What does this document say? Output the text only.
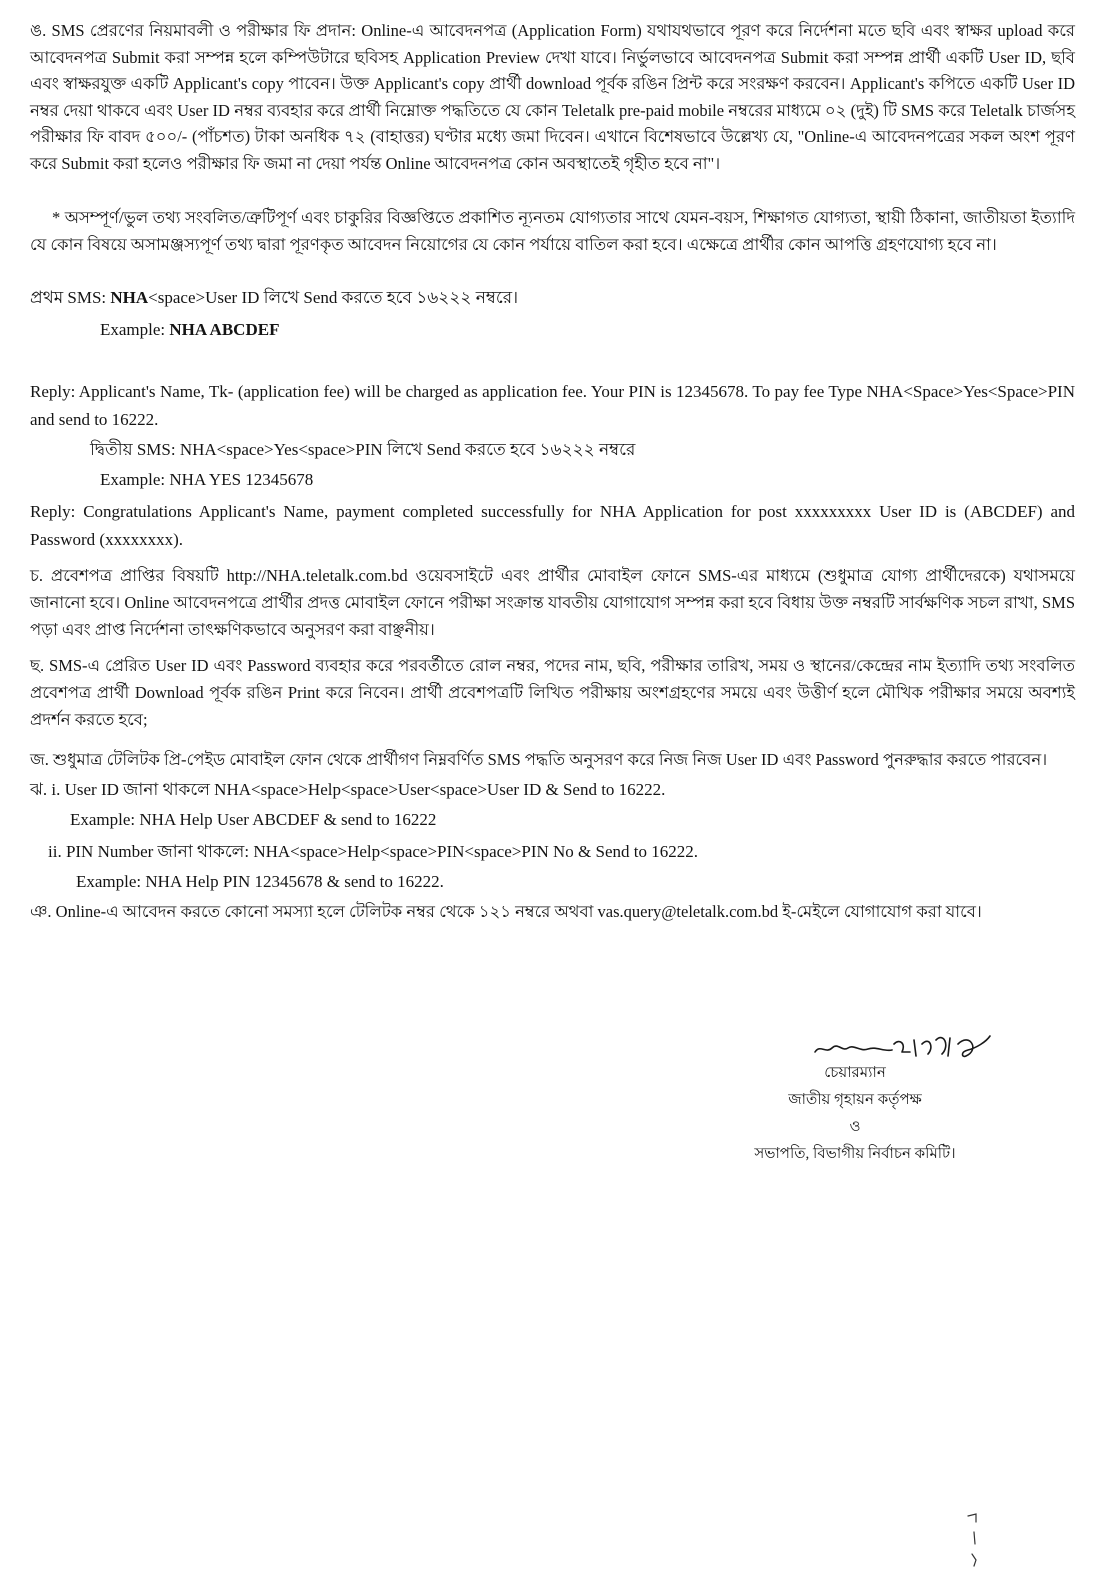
ঙ. SMS প্রেরণের নিয়মাবলী ও পরীক্ষার ফি প্রদান: Online-এ আবেদনপত্র (Application Form) যথাযথভাবে পূরণ করে নির্দেশনা মতে ছবি এবং স্বাক্ষর upload করে আবেদনপত্র Submit করা সম্পন্ন হলে কম্পিউটারে ছবিসহ Application Preview দেখা যাবে। নির্ভুলভাবে আবেদনপত্র Submit করা সম্পন্ন প্রার্থী একটি User ID, ছবি এবং স্বাক্ষরযুক্ত একটি Applicant's copy পাবেন। উক্ত Applicant's copy প্রার্থী download পূর্বক রঙিন প্রিন্ট করে সংরক্ষণ করবেন। Applicant's কপিতে একটি User ID নম্বর দেয়া থাকবে এবং User ID নম্বর ব্যবহার করে প্রার্থী নিম্নোক্ত পদ্ধতিতে যে কোন Teletalk pre-paid mobile নম্বরের মাধ্যমে ০২ (দুই) টি SMS করে Teletalk চার্জসহ পরীক্ষার ফি বাবদ ৫০০/- (পাঁচশত) টাকা অনধিক ৭২ (বাহাত্তর) ঘণ্টার মধ্যে জমা দিবেন। এখানে বিশেষভাবে উল্লেখ্য যে, "Online-এ আবেদনপত্রের সকল অংশ পূরণ করে Submit করা হলেও পরীক্ষার ফি জমা না দেয়া পর্যন্ত Online আবেদনপত্র কোন অবস্থাতেই গৃহীত হবে না"।
* অসম্পূর্ণ/ভুল তথ্য সংবলিত/ত্রুটিপূর্ণ এবং চাকুরির বিজ্ঞপ্তিতে প্রকাশিত ন্যূনতম যোগ্যতার সাথে যেমন-বয়স, শিক্ষাগত যোগ্যতা, স্থায়ী ঠিকানা, জাতীয়তা ইত্যাদি যে কোন বিষয়ে অসামঞ্জস্যপূর্ণ তথ্য দ্বারা পূরণকৃত আবেদন নিয়োগের যে কোন পর্যায়ে বাতিল করা হবে। এক্ষেত্রে প্রার্থীর কোন আপত্তি গ্রহণযোগ্য হবে না।
প্রথম SMS: NHA<space>User ID লিখে Send করতে হবে ১৬২২২ নম্বরে।
Example: NHA ABCDEF
Reply: Applicant's Name, Tk- (application fee) will be charged as application fee. Your PIN is 12345678. To pay fee Type NHA<Space>Yes<Space>PIN and send to 16222.
দ্বিতীয় SMS: NHA<space>Yes<space>PIN লিখে Send করতে হবে ১৬২২২ নম্বরে
Example: NHA YES 12345678
Reply: Congratulations Applicant's Name, payment completed successfully for NHA Application for post xxxxxxxxx User ID is (ABCDEF) and Password (xxxxxxxx).
চ. প্রবেশপত্র প্রাপ্তির বিষয়টি http://NHA.teletalk.com.bd ওয়েবসাইটে এবং প্রার্থীর মোবাইল ফোনে SMS-এর মাধ্যমে (শুধুমাত্র যোগ্য প্রার্থীদেরকে) যথাসময়ে জানানো হবে। Online আবেদনপত্রে প্রার্থীর প্রদত্ত মোবাইল ফোনে পরীক্ষা সংক্রান্ত যাবতীয় যোগাযোগ সম্পন্ন করা হবে বিধায় উক্ত নম্বরটি সার্বক্ষণিক সচল রাখা, SMS পড়া এবং প্রাপ্ত নির্দেশনা তাৎক্ষণিকভাবে অনুসরণ করা বাঞ্ছনীয়।
ছ. SMS-এ প্রেরিত User ID এবং Password ব্যবহার করে পরবর্তীতে রোল নম্বর, পদের নাম, ছবি, পরীক্ষার তারিখ, সময় ও স্থানের/কেন্দ্রের নাম ইত্যাদি তথ্য সংবলিত প্রবেশপত্র প্রার্থী Download পূর্বক রঙিন Print করে নিবেন। প্রার্থী প্রবেশপত্রটি লিখিত পরীক্ষায় অংশগ্রহণের সময়ে এবং উত্তীর্ণ হলে মৌখিক পরীক্ষার সময়ে অবশ্যই প্রদর্শন করতে হবে;
জ. শুধুমাত্র টেলিটক প্রি-পেইড মোবাইল ফোন থেকে প্রার্থীগণ নিম্নবর্ণিত SMS পদ্ধতি অনুসরণ করে নিজ নিজ User ID এবং Password পুনরুদ্ধার করতে পারবেন।
ঝ. i. User ID জানা থাকলে NHA<space>Help<space>User<space>User ID & Send to 16222.
Example: NHA Help User ABCDEF & send to 16222
ii. PIN Number জানা থাকলে: NHA<space>Help<space>PIN<space>PIN No & Send to 16222.
Example: NHA Help PIN 12345678 & send to 16222.
ঞ. Online-এ আবেদন করতে কোনো সমস্যা হলে টেলিটক নম্বর থেকে ১২১ নম্বরে অথবা vas.query@teletalk.com.bd ই-মেইলে যোগাযোগ করা যাবে।
চেয়ারম্যান
জাতীয় গৃহায়ন কর্তৃপক্ষ
ও
সভাপতি, বিভাগীয় নির্বাচন কমিটি।
